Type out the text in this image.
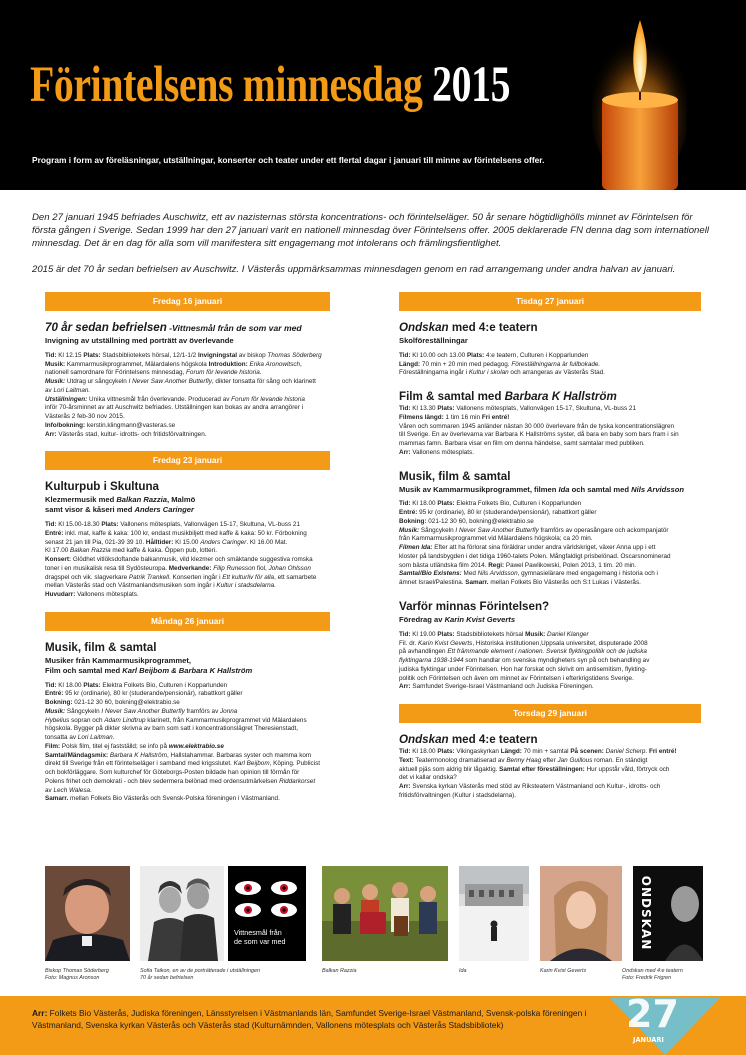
Förintelsens minnesdag 2015
Program i form av föreläsningar, utställningar, konserter och teater under ett flertal dagar i januari till minne av förintelsens offer.
Den 27 januari 1945 befriades Auschwitz, ett av nazisternas största koncentrations- och förintelseläger. 50 år senare högtidlighölls minnet av Förintelsen för första gången i Sverige. Sedan 1999 har den 27 januari varit en nationell minnesdag över Förintelsens offer. 2005 deklarerade FN denna dag som internationell minnesdag. Det är en dag för alla som vill manifestera sitt engagemang mot intolerans och främlingsfientlighet.
2015 är det 70 år sedan befrielsen av Auschwitz. I Västerås uppmärksammas minnesdagen genom en rad arrangemang under andra halvan av januari.
Fredag 16 januari
70 år sedan befrielsen -Vittnesmål från de som var med
Invigning av utställning med porträtt av överlevande
Tid: Kl 12.15 Plats: Stadsbibliotekets hörsal, 12/1-1/2 Invigningstal av biskop Thomas Söderberg
Musik: Kammarmusikprogrammet, Mälardalens högskola Introduktion: Erika Aronowitsch,
nationell samordnare för Förintelsens minnesdag, Forum för levande historia.
Musik: Utdrag ur sångcykeln I Never Saw Another Butterfly, dikter tonsatta för sång och klarinett
av Lori Laitman.
Utställningen: Unika vittnesmål från överlevande. Producerad av Forum för levande historia
inför 70-årsminnet av att Auschwitz befriades. Utställningen kan bokas av andra arrangörer i
Västerås 2 feb-30 nov 2015.
Info/bokning: kerstin.klingmann@vasteras.se
Arr: Västerås stad, kultur- idrotts- och fritidsförvaltningen.
Fredag 23 januari
Kulturpub i Skultuna
Klezmermusik med Balkan Razzia, Malmö
samt visor & kåseri med Anders Caringer
Tid: Kl 15.00-18.30 Plats: Vallonens mötesplats, Vallonvägen 15-17, Skultuna, VL-buss 21
Entré: inkl. mat, kaffe & kaka: 100 kr, endast musikbiljett med kaffe & kaka: 50 kr. Förbokning
senast 21 jan till Pia, 021-39 39 10. Hålltider: Kl 15.00 Anders Caringer. Kl 16.00 Mat.
Kl 17.00 Balkan Razzia med kaffe & kaka. Öppen pub, lotteri.
Konsert: Glödhet vitlöksdoftande balkanmusik, vild klezmer och smäktande suggestiva romska
toner i en musikalisk resa till Sydösteuropa. Medverkande: Filip Runesson fiol, Johan Ohlsson
dragspel och vik. slagverkare Patrik Trankell. Konserten ingår i Ett kulturliv för alla, ett samarbete
mellan Västerås stad och Västmanlandsmusiken som ingår i Kultur i stadsdelarna.
Huvudarr: Vallonens mötesplats.
Måndag 26 januari
Musik, film & samtal
Musiker från Kammarmusikprogrammet,
Film och samtal med Karl Beijbom & Barbara K Hallström
Tid: Kl 18.00 Plats: Elektra Folkets Bio, Culturen i Kopparlunden
Entré: 95 kr (ordinarie), 80 kr (studerande/pensionär), rabattkort gäller
Bokning: 021-12 30 60, bokning@elektrabio.se
Musik: Sångcykeln I Never Saw Another Butterfly framförs av Jonna
Hybelius sopran och Adam Lindtrup klarinett, från Kammarmusikprogrammet vid Mälardalens
högskola. Bygger på dikter skrivna av barn som satt i koncentrationslägret Theresienstadt,
tonsatta av Lori Laitman.
Film: Polsk film, titel ej fastställd; se info på www.elektrabio.se
Samtal/Mändagsmix: Barbara K Hallström, Hallstahammar. Barbaras syster och mamma kom
direkt till Sverige från ett förintelseläger i samband med krigsslutet. Karl Beijbom, Köping. Publicist
och bokförläggare. Som kulturchef för Göteborgs-Posten bildade han opinion till förmån för
Polens frihet och demokrati - och blev sedermera belönad med ordensutmärkelsen Riddarkorset
av Lech Walesa.
Samarr. mellan Folkets Bio Västerås och Svensk-Polska föreningen i Västmanland.
Tisdag 27 januari
Ondskan med 4:e teatern
Skolföreställningar
Tid: Kl 10.00 och 13.00 Plats: 4:e teatern, Culturen i Kopparlunden
Längd: 70 min + 20 min med pedagog. Föreställningarna är fullbokade.
Föreställningarna ingår i Kultur i skolan och arrangeras av Västerås Stad.
Film & samtal med Barbara K Hallström
Tid: Kl 13.30 Plats: Vallonens mötesplats, Vallonvägen 15-17, Skultuna, VL-buss 21
Filmens längd: 1 tim 16 min Fri entré!
Våren och sommaren 1945 anländer nästan 30 000 överlevare från de tyska koncentrationslägren
till Sverige. En av överlevarna var Barbara K Hallströms syster, då bara en baby som bars fram i sin
mammas famn. Barbara visar en film om denna händelse, samt samtalar med publiken.
Arr: Vallonens mötesplats.
Musik, film & samtal
Musik av Kammarmusikprogrammet, filmen Ida och samtal med Nils Arvidsson
Tid: Kl 18.00 Plats: Elektra Folkets Bio, Culturen i Kopparlunden
Entré: 95 kr (ordinarie), 80 kr (studerande/pensionär), rabattkort gäller
Bokning: 021-12 30 60, bokning@elektrabio.se
Musik: Sångcykeln I Never Saw Another Butterfly framförs av operasångare och ackompanjatör
från Kammarmusikprogrammet vid Mälardalens högskola; ca 20 min.
Filmen Ida: Efter att ha förlorat sina föräldrar under andra världskriget, växer Anna upp i ett
kloster på landsbygden i det tidiga 1960-talets Polen. Mångfaldigt prisbelönad. Oscarsnominerad
som bästa utländska film 2014. Regi: Pawel Pawlikowski, Polen 2013, 1 tim. 20 min.
Samtal/Bio Existens: Med Nils Arvidsson, gymnasielärare med engagemang i historia och i
ämnet Israel/Palestina. Samarr. mellan Folkets Bio Västerås och S:t Lukas i Västerås.
Varför minnas Förintelsen?
Föredrag av Karin Kvist Geverts
Tid: Kl 19.00 Plats: Stadsbibliotekets hörsal Musik: Daniel Klanger
Fil. dr. Karin Kvist Geverts, Historiska institutionen,Uppsala universitet, disputerade 2008
på avhandlingen Ett främmande element i nationen. Svensk flyktingpolitik och de judiska
flyktingarna 1938-1944 som handlar om svenska myndigheters syn på och behandling av
judiska flyktingar under Förintelsen. Hon har forskat och skrivit om antisemitism, flykting-
politik och Förintelsen och även om minnet av Förintelsen i efterkrigstidens Sverige.
Arr: Samfundet Sverige-Israel Västmanland och Judiska Föreningen.
Torsdag 29 januari
Ondskan med 4:e teatern
Tid: Kl 18.00 Plats: Vikingaskyrkan Längd: 70 min + samtal På scenen: Daniel Scherp. Fri entré!
Text: Teatermonolog dramatiserad av Benny Haag efter Jan Guillous roman. En ständigt
aktuell pjäs som aldrig blir lågaktig. Samtal efter föreställningen: Hur uppstår våld, förtryck och
det vi kallar ondska?
Arr: Svenska kyrkan Västerås med stöd av Riksteatern Västmanland och Kultur-, idrotts- och
fritidsförvaltningen (Kultur i stadsdelarna).
Biskop Thomas Söderberg
Foto: Magnus Aronson
Sofia Taikon, en av de porträtterade i utställningen
70 år sedan befrielsen
Vittnesmål från
de som var med
Balkan Razzia	Ida	Karin Kvist Geverts
ONDSKAN
Ondskan med 4:e teatern
Foto: Fredrik Frigren
Arr: Folkets Bio Västerås, Judiska föreningen, Länsstyrelsen i Västmanlands län, Samfundet Sverige-Israel Västmanland, Svensk-polska föreningen i Västmanland, Svenska kyrkan Västerås och Västerås stad (Kulturnämnden, Vallonens mötesplats och Västerås Stadsbibliotek)	27
JANUARI
